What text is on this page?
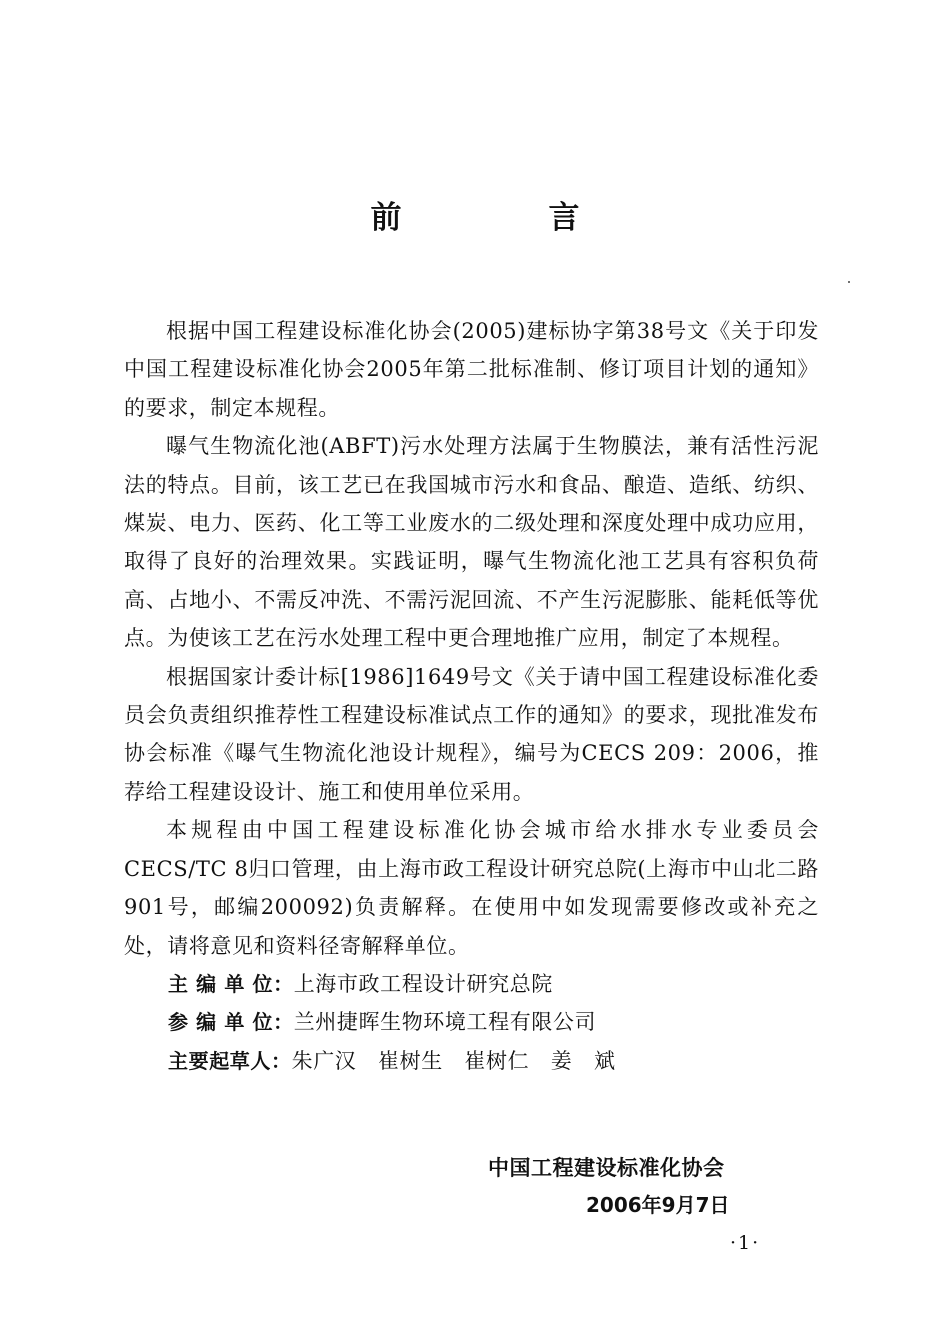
前　言

根据中国工程建设标准化协会(2005)建标协字第38号文《关于印发中国工程建设标准化协会2005年第二批标准制、修订项目计划的通知》的要求，制定本规程。

曝气生物流化池(ABFT)污水处理方法属于生物膜法，兼有活性污泥法的特点。目前，该工艺已在我国城市污水和食品、酿造、造纸、纺织、煤炭、电力、医药、化工等工业废水的二级处理和深度处理中成功应用，取得了良好的治理效果。实践证明，曝气生物流化池工艺具有容积负荷高、占地小、不需反冲洗、不需污泥回流、不产生污泥膨胀、能耗低等优点。为使该工艺在污水处理工程中更合理地推广应用，制定了本规程。

根据国家计委计标[1986]1649号文《关于请中国工程建设标准化委员会负责组织推荐性工程建设标准试点工作的通知》的要求，现批准发布协会标准《曝气生物流化池设计规程》，编号为CECS 209：2006，推荐给工程建设设计、施工和使用单位采用。

本规程由中国工程建设标准化协会城市给水排水专业委员会CECS/TC 8归口管理，由上海市政工程设计研究总院(上海市中山北二路901号，邮编200092)负责解释。在使用中如发现需要修改或补充之处，请将意见和资料径寄解释单位。

主 编 单 位： 上海市政工程设计研究总院
参 编 单 位： 兰州捷晖生物环境工程有限公司
主要起草人： 朱广汉　崔树生　崔树仁　姜　斌
中国工程建设标准化协会
2006年9月7日
·1·
